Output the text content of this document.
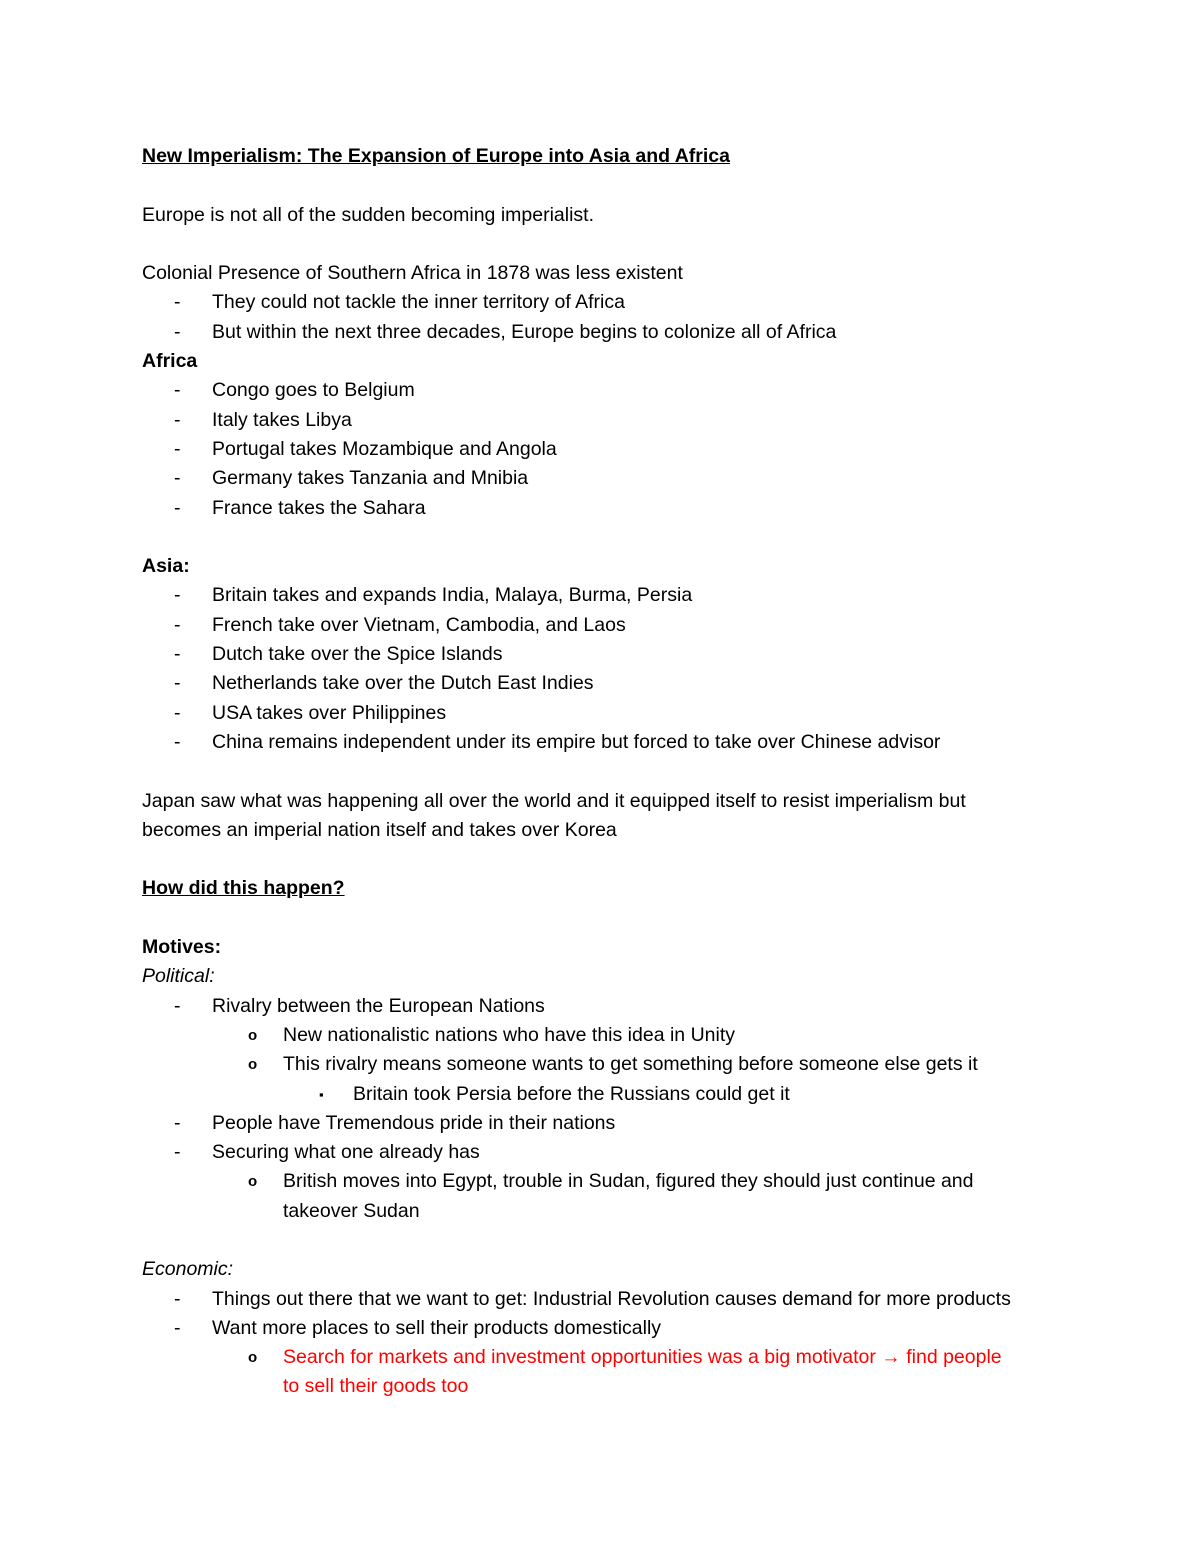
New Imperialism: The Expansion of Europe into Asia and Africa

Europe is not all of the sudden becoming imperialist.

Colonial Presence of Southern Africa in 1878 was less existent

- They could not tackle the inner territory of Africa
- But within the next three decades, Europe begins to colonize all of Africa

Africa

- Congo goes to Belgium
- Italy takes Libya
- Portugal takes Mozambique and Angola
- Germany takes Tanzania and Mnibia
- France takes the Sahara

Asia:

- Britain takes and expands India, Malaya, Burma, Persia
- French take over Vietnam, Cambodia, and Laos
- Dutch take over the Spice Islands
- Netherlands take over the Dutch East Indies
- USA takes over Philippines
- China remains independent under its empire but forced to take over Chinese advisor

Japan saw what was happening all over the world and it equipped itself to resist imperialism but

becomes an imperial nation itself and takes over Korea

How did this happen?

Motives:

Political:

- Rivalry between the European Nations
o New nationalistic nations who have this idea in Unity
o This rivalry means someone wants to get something before someone else gets it
▪ Britain took Persia before the Russians could get it
- People have Tremendous pride in their nations
- Securing what one already has
o British moves into Egypt, trouble in Sudan, figured they should just continue and takeover Sudan

Economic:

- Things out there that we want to get: Industrial Revolution causes demand for more products
- Want more places to sell their products domestically
o Search for markets and investment opportunities was a big motivator → find people to sell their goods too
